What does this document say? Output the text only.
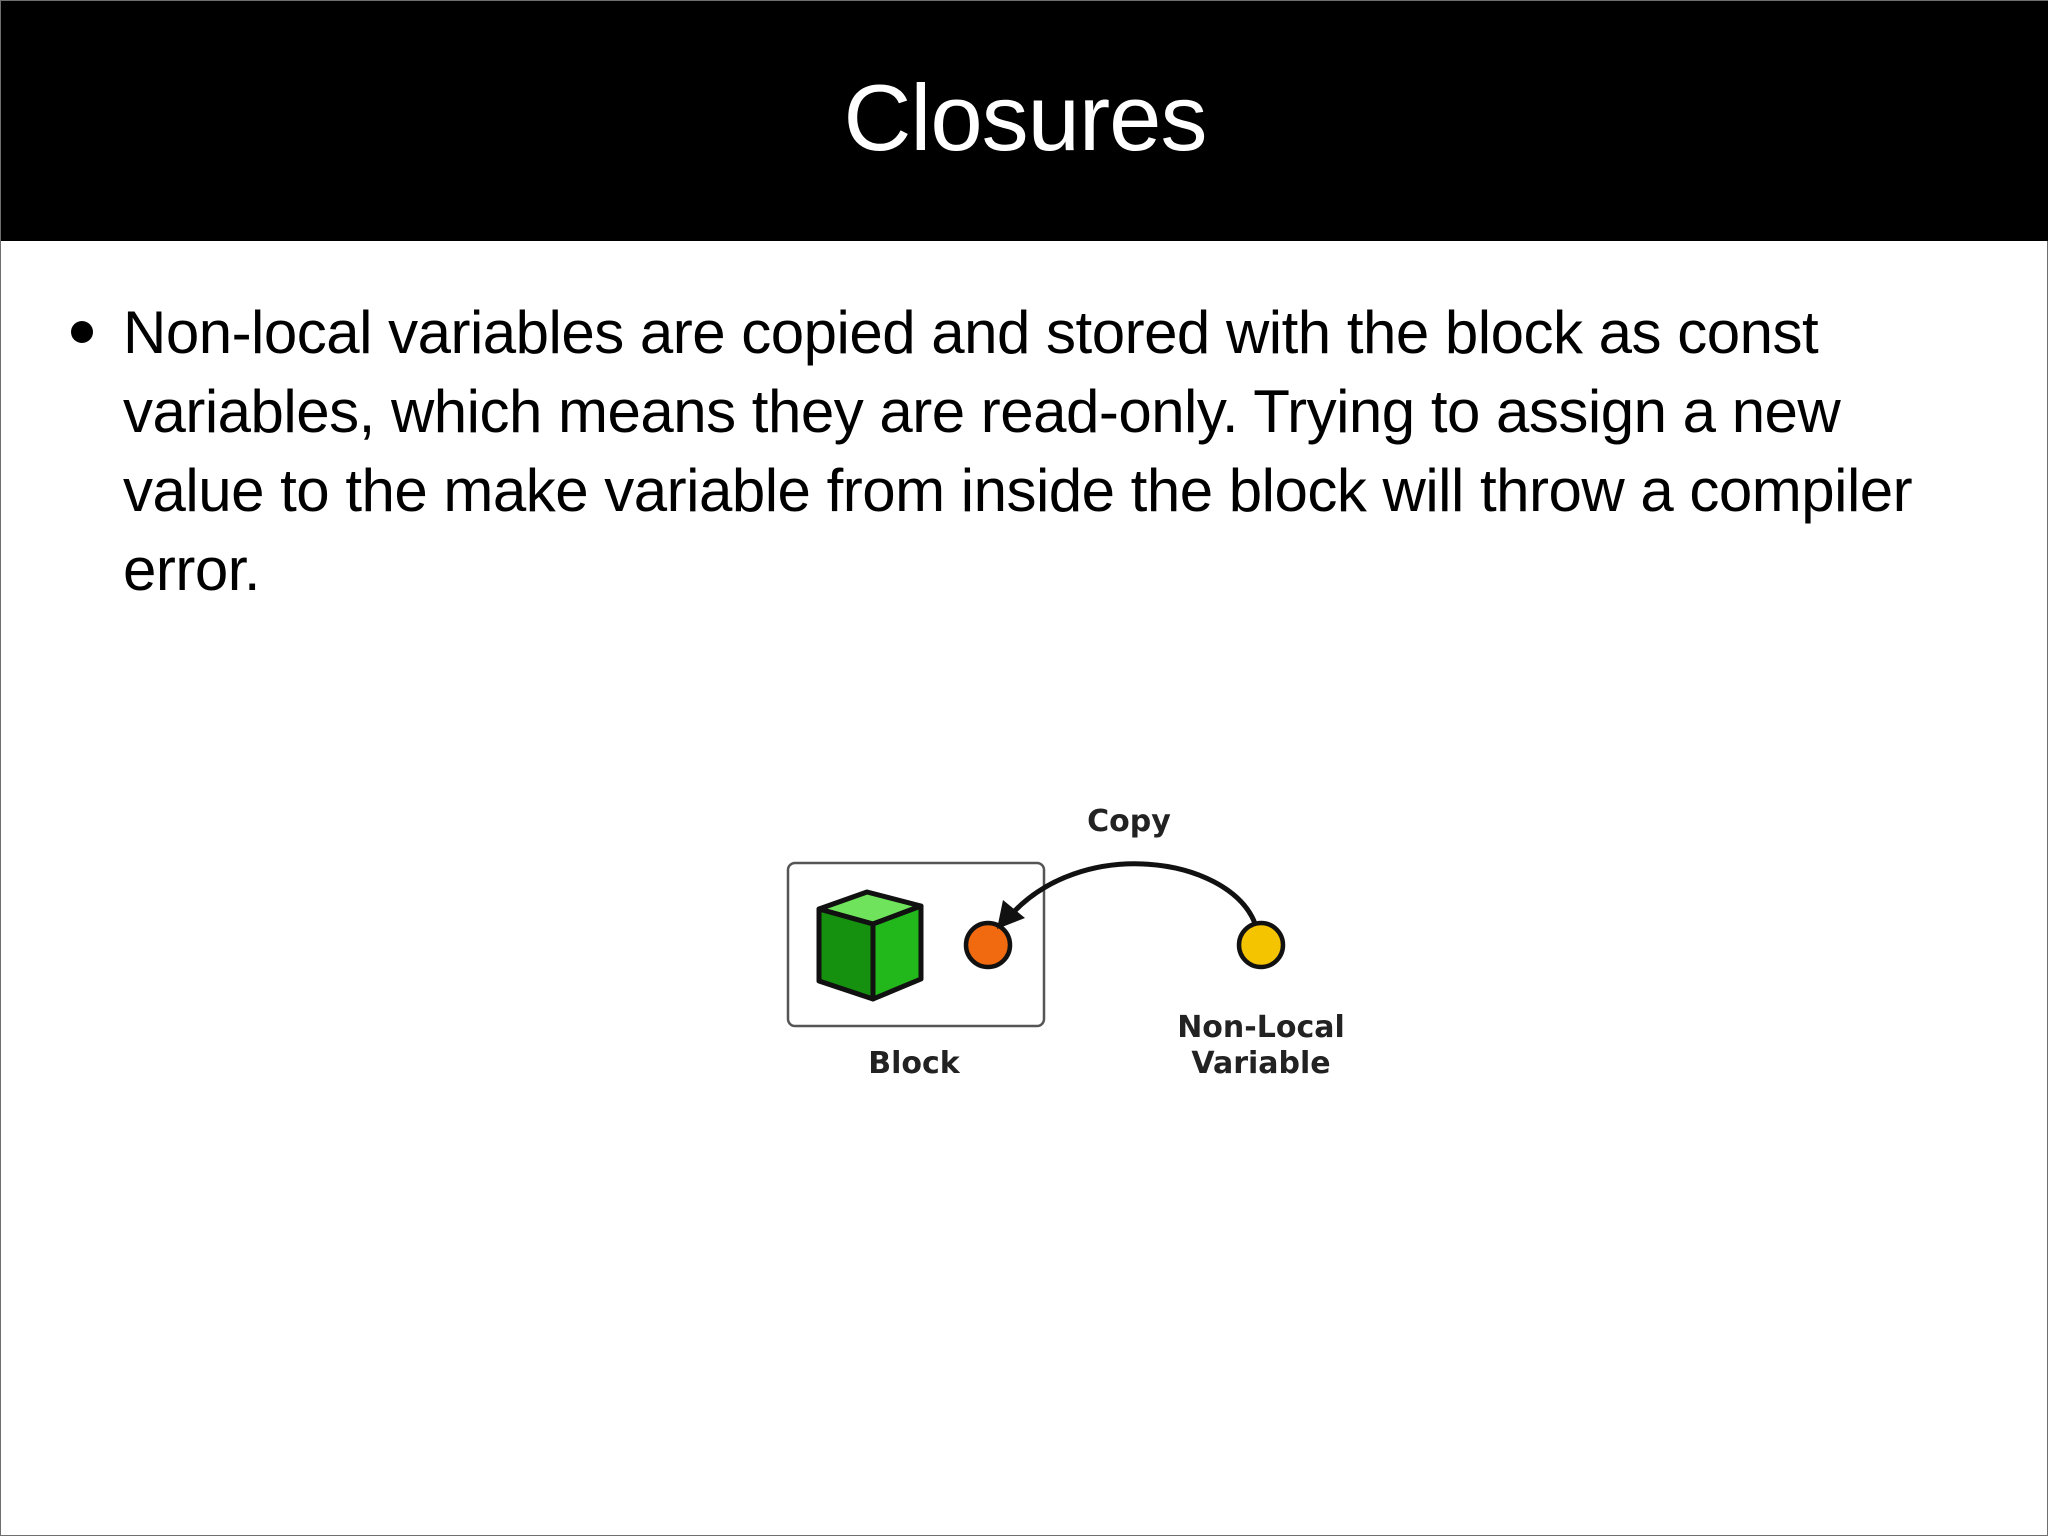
Closures
Non-local variables are copied and stored with the block as const variables, which means they are read-only. Trying to assign a new value to the make variable from inside the block will throw a compiler error.
Copy
Block
Non-Local
Variable
